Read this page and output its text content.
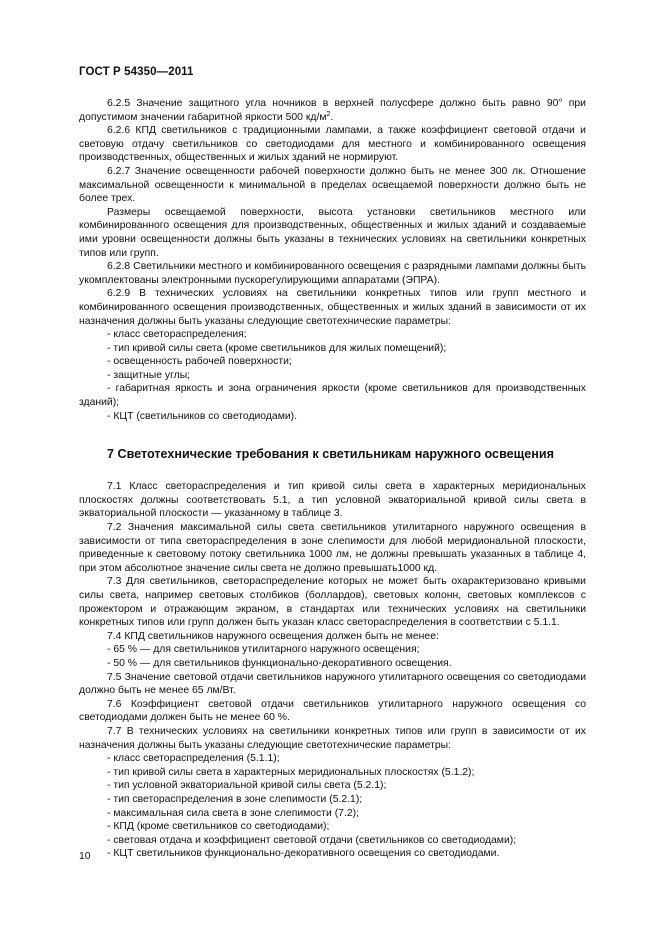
ГОСТ Р 54350—2011

6.2.5 Значение защитного угла ночников в верхней полусфере должно быть равно 90° при допустимом значении габаритной яркости 500 $кд/м^2$.

6.2.6 КПД светильников с традиционными лампами, а также коэффициент световой отдачи и световую отдачу светильников со светодиодами для местного и комбинированного освещения производственных, общественных и жилых зданий не нормируют.

6.2.7 Значение освещенности рабочей поверхности должно быть не менее 300 лк. Отношение максимальной освещенности к минимальной в пределах освещаемой поверхности должно быть не более трех.

Размеры освещаемой поверхности, высота установки светильников местного или комбинированного освещения для производственных, общественных и жилых зданий и создаваемые ими уровни освещенности должны быть указаны в технических условиях на светильники конкретных типов или групп.

6.2.8 Светильники местного и комбинированного освещения с разрядными лампами должны быть укомплектованы электронными пускорегулирующими аппаратами (ЭПРА).

6.2.9 В технических условиях на светильники конкретных типов или групп местного и комбинированного освещения производственных, общественных и жилых зданий в зависимости от их назначения должны быть указаны следующие светотехнические параметры:

- класс светораспределения;

- тип кривой силы света (кроме светильников для жилых помещений);

- освещенность рабочей поверхности;

- защитные углы;

- габаритная яркость и зона ограничения яркости (кроме светильников для производственных зданий);

- КЦТ (светильников со светодиодами).

7 Светотехнические требования к светильникам наружного освещения

7.1 Класс светораспределения и тип кривой силы света в характерных меридиональных плоскостях должны соответствовать 5.1, а тип условной экваториальной кривой силы света в экваториальной плоскости — указанному в таблице 3.

7.2 Значения максимальной силы света светильников утилитарного наружного освещения в зависимости от типа светораспределения в зоне слепимости для любой меридиональной плоскости, приведенные к световому потоку светильника 1000 лм, не должны превышать указанных в таблице 4, при этом абсолютное значение силы света не должно превышать1000 кд.

7.3 Для светильников, светораспределение которых не может быть охарактеризовано кривыми силы света, например световых столбиков (боллардов), световых колонн, световых комплексов с прожектором и отражающим экраном, в стандартах или технических условиях на светильники конкретных типов или групп должен быть указан класс светораспределения в соответствии с 5.1.1.

7.4 КПД светильников наружного освещения должен быть не менее:

- 65 % — для светильников утилитарного наружного освещения;

- 50 % — для светильников функционально-декоративного освещения.

7.5 Значение световой отдачи светильников наружного утилитарного освещения со светодиодами должно быть не менее 65 лм/Вт.

7.6 Коэффициент световой отдачи светильников утилитарного наружного освещения со светодиодами должен быть не менее 60 %.

7.7 В технических условиях на светильники конкретных типов или групп в зависимости от их назначения должны быть указаны следующие светотехнические параметры:

- класс светораспределения (5.1.1);

- тип кривой силы света в характерных меридиональных плоскостях (5.1.2);

- тип условной экваториальной кривой силы света (5.2.1);

- тип светораспределения в зоне слепимости (5.2.1);

- максимальная сила света в зоне слепимости (7.2);

- КПД (кроме светильников со светодиодами);

- световая отдача и коэффициент световой отдачи (светильников со светодиодами);

- КЦТ светильников функционально-декоративного освещения со светодиодами.

10
